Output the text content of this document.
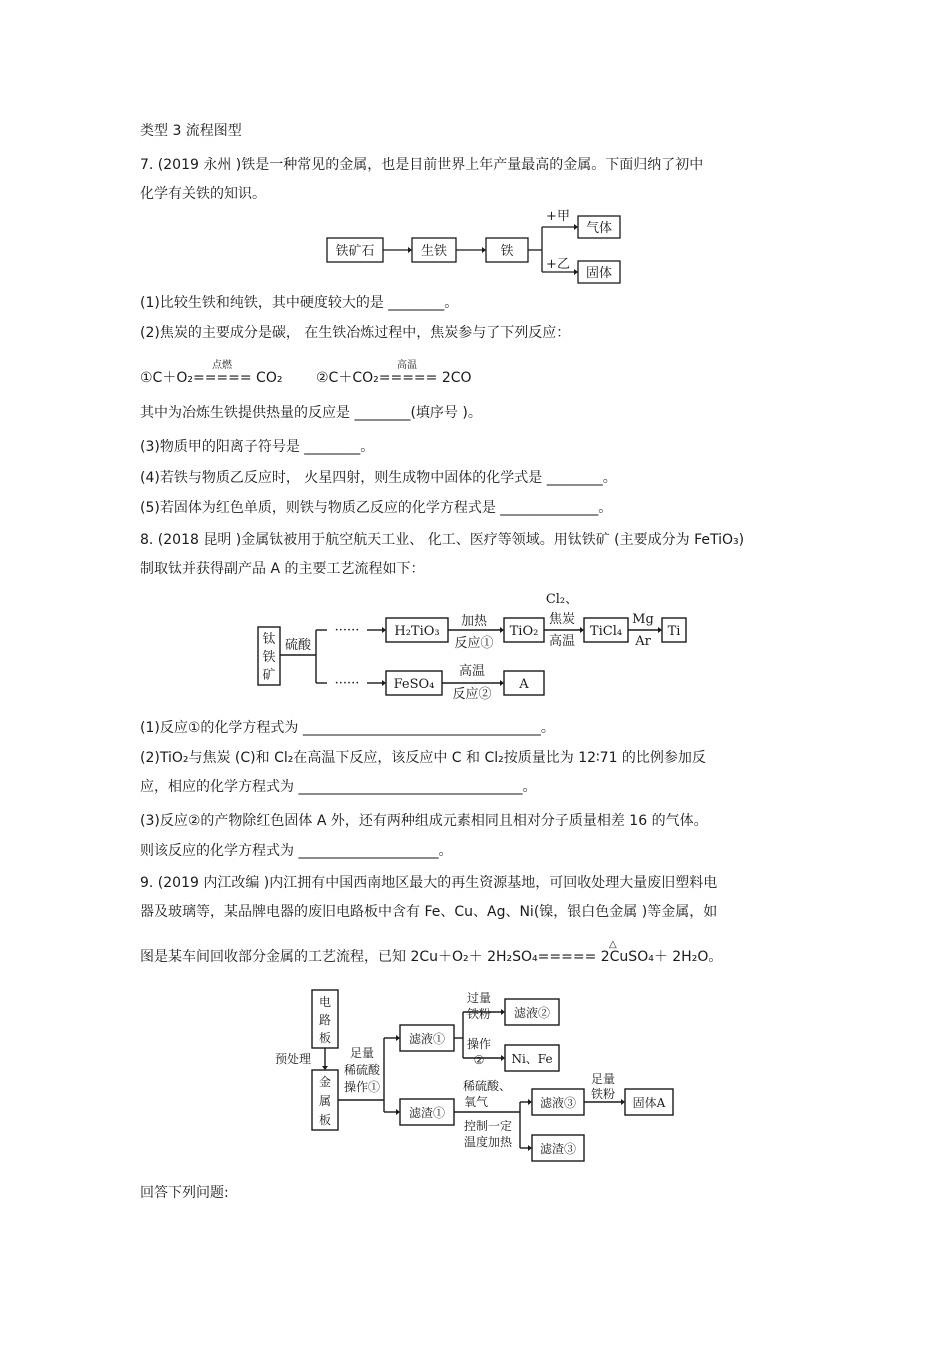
类型 3 流程图型
7. (2019 永州 )铁是一种常见的金属，也是目前世界上年产量最高的金属。下面归纳了初中
化学有关铁的知识。
铁矿石	生铁	铁
气体
固体
+甲
+乙
(1)比较生铁和纯铁，其中硬度较大的是 ________。
(2)焦炭的主要成分是碳， 在生铁冶炼过程中，焦炭参与了下列反应：
点燃
①C＋O₂===== CO₂
高温
②C＋CO₂===== 2CO
其中为冶炼生铁提供热量的反应是 ________(填序号 )。
(3)物质甲的阳离子符号是 ________。
(4)若铁与物质乙反应时， 火星四射，则生成物中固体的化学式是 ________。
(5)若固体为红色单质，则铁与物质乙反应的化学方程式是 ______________。
8. (2018 昆明 )金属钛被用于航空航天工业、 化工、医疗等领域。用钛铁矿 (主要成分为 FeTiO₃)
制取钛并获得副产品 A 的主要工艺流程如下：
钛
铁
矿
硫酸
······
······
H₂TiO₃
加热
反应①
TiO₂
Cl₂、
焦炭
高温
TiCl₄
Mg
Ar
Ti
FeSO₄
高温
反应②
A
(1)反应①的化学方程式为 __________________________________。
(2)TiO₂与焦炭 (C)和 Cl₂在高温下反应，该反应中 C 和 Cl₂按质量比为 12∶71 的比例参加反
应，相应的化学方程式为 ________________________________。
(3)反应②的产物除红色固体 A 外，还有两种组成元素相同且相对分子质量相差 16 的气体。
则该反应的化学方程式为 ____________________。
9. (2019 内江改编 )内江拥有中国西南地区最大的再生资源基地，可回收处理大量废旧塑料电
器及玻璃等，某品牌电器的废旧电路板中含有 Fe、Cu、Ag、Ni(镍，银白色金属 )等金属，如
△
图是某车间回收部分金属的工艺流程，已知 2Cu＋O₂＋ 2H₂SO₄===== 2CuSO₄＋ 2H₂O。
电
路
板
金
属
板
预处理	足量
稀硫酸
操作①
滤液①
过量
铁粉
操作
②
滤液②
Ni、Fe
滤渣①
稀硫酸、
氧气
控制一定
温度加热
滤液③
滤渣③
足量
铁粉
固体A
回答下列问题:
